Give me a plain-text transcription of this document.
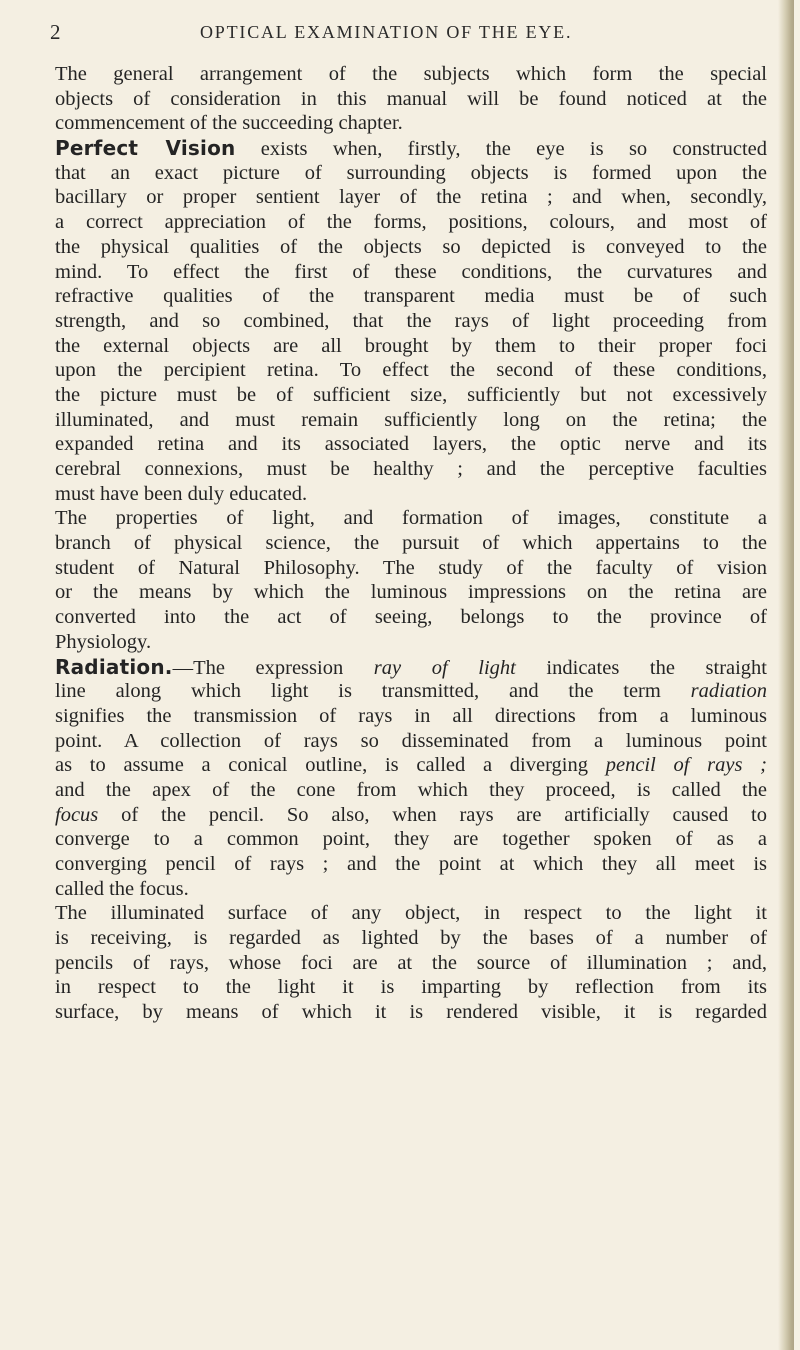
2	OPTICAL EXAMINATION OF THE EYE.
The general arrangement of the subjects which form the special
objects of consideration in this manual will be found noticed at the
commencement of the succeeding chapter.
Perfect Vision exists when, firstly, the eye is so constructed
that an exact picture of surrounding objects is formed upon the
bacillary or proper sentient layer of the retina ; and when, secondly,
a correct appreciation of the forms, positions, colours, and most of
the physical qualities of the objects so depicted is conveyed to the
mind. To effect the first of these conditions, the curvatures and
refractive qualities of the transparent media must be of such
strength, and so combined, that the rays of light proceeding from
the external objects are all brought by them to their proper foci
upon the percipient retina. To effect the second of these conditions,
the picture must be of sufficient size, sufficiently but not excessively
illuminated, and must remain sufficiently long on the retina; the
expanded retina and its associated layers, the optic nerve and its
cerebral connexions, must be healthy ; and the perceptive faculties
must have been duly educated.
The properties of light, and formation of images, constitute a
branch of physical science, the pursuit of which appertains to the
student of Natural Philosophy. The study of the faculty of vision
or the means by which the luminous impressions on the retina are
converted into the act of seeing, belongs to the province of
Physiology.
Radiation.—The expression ray of light indicates the straight
line along which light is transmitted, and the term radiation
signifies the transmission of rays in all directions from a luminous
point. A collection of rays so disseminated from a luminous point
as to assume a conical outline, is called a diverging pencil of rays ;
and the apex of the cone from which they proceed, is called the
focus of the pencil. So also, when rays are artificially caused to
converge to a common point, they are together spoken of as a
converging pencil of rays ; and the point at which they all meet is
called the focus.
The illuminated surface of any object, in respect to the light it
is receiving, is regarded as lighted by the bases of a number of
pencils of rays, whose foci are at the source of illumination ; and,
in respect to the light it is imparting by reflection from its
surface, by means of which it is rendered visible, it is regarded
